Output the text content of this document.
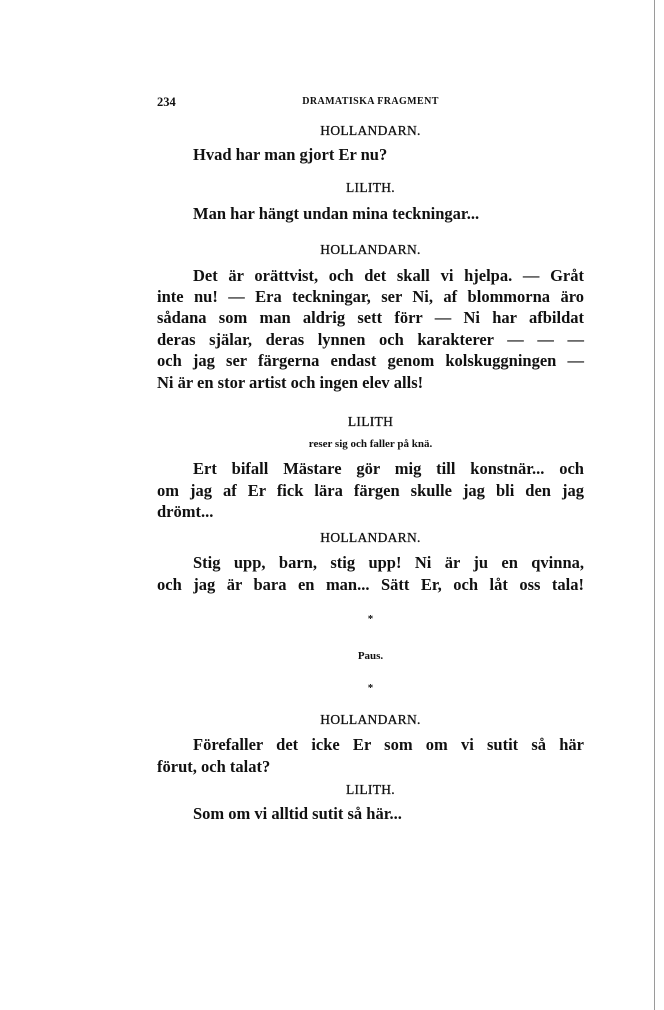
234	DRAMATISKA FRAGMENT
HOLLANDARN.
Hvad har man gjort Er nu?
LILITH.
Man har hängt undan mina teckningar...
HOLLANDARN.
Det är orättvist, och det skall vi hjelpa. — Gråt
inte nu! — Era teckningar, ser Ni, af blommorna äro
sådana som man aldrig sett förr — Ni har afbildat
deras själar, deras lynnen och karakterer — — —
och jag ser färgerna endast genom kolskuggningen —
Ni är en stor artist och ingen elev alls!
LILITH
reser sig och faller på knä.
Ert bifall Mästare gör mig till konstnär... och
om jag af Er fick lära färgen skulle jag bli den jag
drömt...
HOLLANDARN.
Stig upp, barn, stig upp! Ni är ju en qvinna,
och jag är bara en man... Sätt Er, och låt oss tala!
*
Paus.
*
HOLLANDARN.
Förefaller det icke Er som om vi sutit så här
förut, och talat?
LILITH.
Som om vi alltid sutit så här...
